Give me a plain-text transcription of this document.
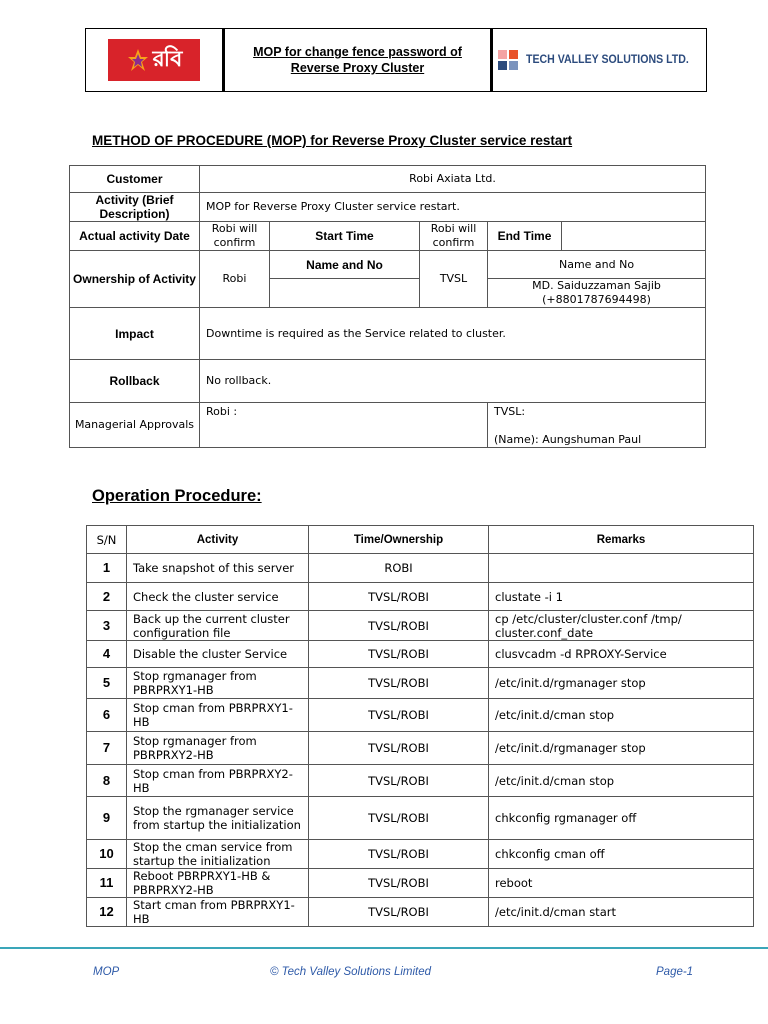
রবি	MOP for change fence password of
Reverse Proxy Cluster
TECH VALLEY SOLUTIONS LTD.
METHOD OF PROCEDURE (MOP) for Reverse Proxy Cluster service restart
Customer	Robi Axiata Ltd.				
Activity (Brief Description)	MOP for Reverse Proxy Cluster service restart.				
Actual activity Date	Robi will confirm	Start Time	Robi will confirm	End Time	
Ownership of Activity	Robi	Name and No	TVSL	Name and No	
				MD. Saiduzzaman Sajib (+8801787694498)	
Impact	Downtime is required as the Service related to cluster.				
Rollback	No rollback.				
Managerial Approvals	Robi :			TVSL:
(Name): Aungshuman Paul	
Operation Procedure:
S/N	Activity	Time/Ownership	Remarks
1	Take snapshot of this server	ROBI	
2	Check the cluster service	TVSL/ROBI	clustate -i 1
3	Back up the current cluster configuration file	TVSL/ROBI	cp /etc/cluster/cluster.conf /tmp/ cluster.conf_date
4	Disable the cluster Service	TVSL/ROBI	clusvcadm -d RPROXY-Service
5	Stop rgmanager from PBRPRXY1-HB	TVSL/ROBI	/etc/init.d/rgmanager stop
6	Stop cman from PBRPRXY1-HB	TVSL/ROBI	/etc/init.d/cman stop
7	Stop rgmanager from PBRPRXY2-HB	TVSL/ROBI	/etc/init.d/rgmanager stop
8	Stop cman from PBRPRXY2-HB	TVSL/ROBI	/etc/init.d/cman stop
9	Stop the rgmanager service from startup the initialization	TVSL/ROBI	chkconfig rgmanager off
10	Stop the cman service from startup the initialization	TVSL/ROBI	chkconfig cman off
11	Reboot PBRPRXY1-HB & PBRPRXY2-HB	TVSL/ROBI	reboot
12	Start cman from PBRPRXY1-HB	TVSL/ROBI	/etc/init.d/cman start
MOP	© Tech Valley Solutions Limited	Page-1
